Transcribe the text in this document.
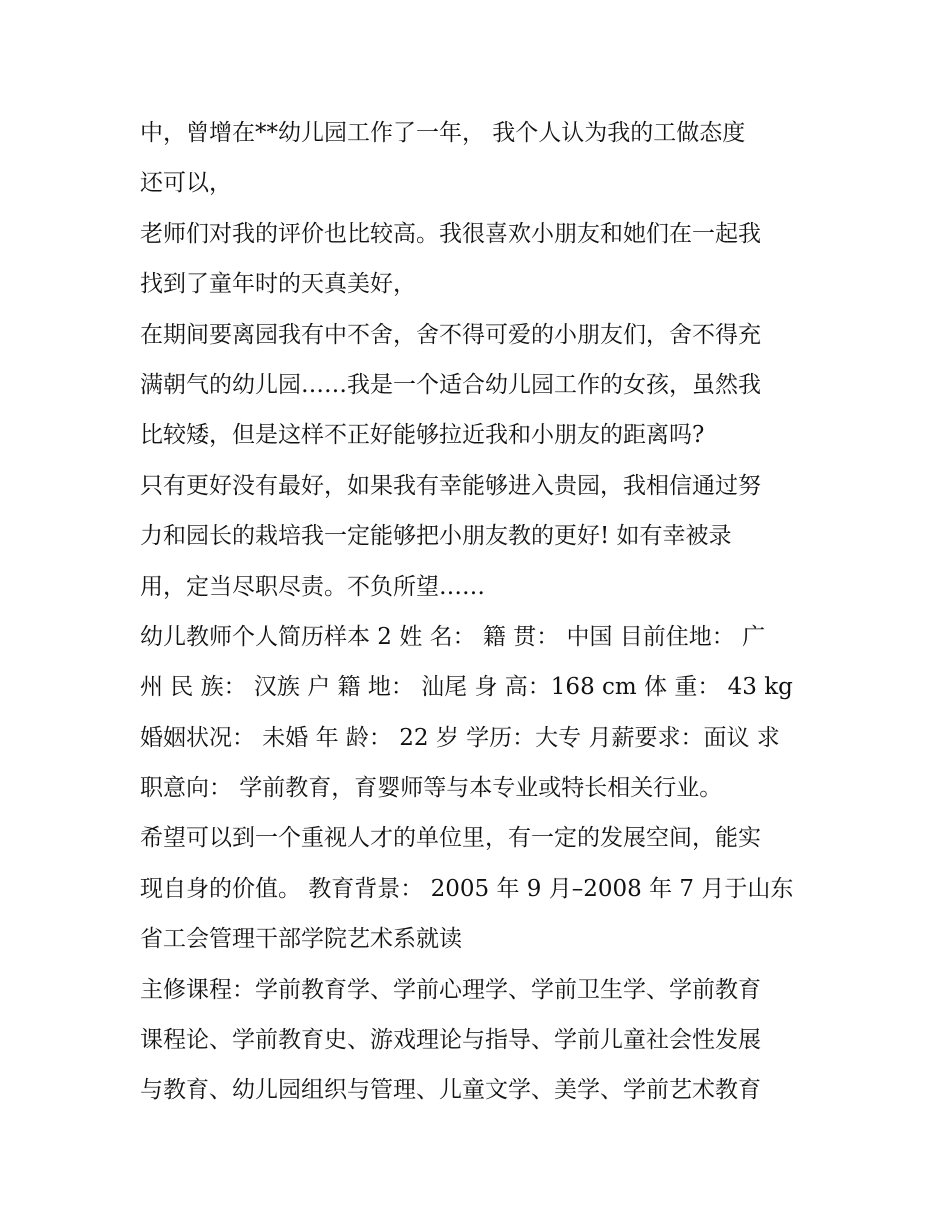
中，曾增在**幼儿园工作了一年， 我个人认为我的工做态度
还可以，
老师们对我的评价也比较高。我很喜欢小朋友和她们在一起我
找到了童年时的天真美好，
在期间要离园我有中不舍，舍不得可爱的小朋友们，舍不得充
满朝气的幼儿园……我是一个适合幼儿园工作的女孩，虽然我
比较矮，但是这样不正好能够拉近我和小朋友的距离吗?
只有更好没有最好，如果我有幸能够进入贵园，我相信通过努
力和园长的栽培我一定能够把小朋友教的更好! 如有幸被录
用，定当尽职尽责。不负所望……
幼儿教师个人简历样本 2 姓 名： 籍 贯： 中国 目前住地： 广
州 民 族： 汉族 户 籍 地： 汕尾 身 高：168 cm 体 重： 43 kg
婚姻状况： 未婚 年 龄： 22 岁 学历：大专 月薪要求：面议 求
职意向： 学前教育，育婴师等与本专业或特长相关行业。
希望可以到一个重视人才的单位里，有一定的发展空间，能实
现自身的价值。 教育背景： 2005 年 9 月–2008 年 7 月于山东
省工会管理干部学院艺术系就读
主修课程：学前教育学、学前心理学、学前卫生学、学前教育
课程论、学前教育史、游戏理论与指导、学前儿童社会性发展
与教育、幼儿园组织与管理、儿童文学、美学、学前艺术教育
